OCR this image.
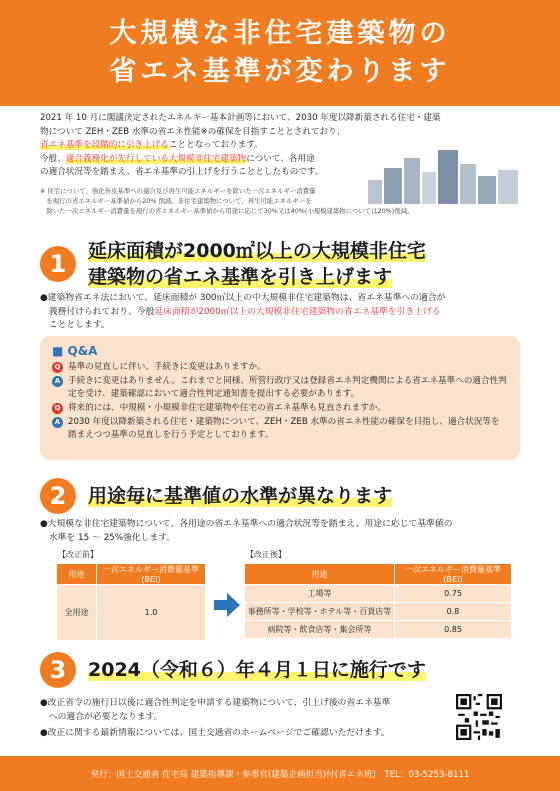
大規模な非住宅建築物の
省エネ基準が変わります

2021 年 10 月に閣議決定されたエネルギー基本計画等において、2030 年度以降新築される住宅・建築

物について ZEH・ZEB 水準の省エネ性能※の確保を目指すこととされており、

省エネ基準を段階的に引き上げることとなっております。

今般、適合義務化が先行している大規模非住宅建築物について、各用途

の適合状況等を踏まえ、省エネ基準の引上げを行うこととしたものです。

※ 住宅について、強化外皮基準への適合及び再生可能エネルギーを除いた一次エネルギー消費量
　を現行の省エネルギー基準値から20% 削減。非住宅建築物について、再生可能エネルギーを
　除いた一次エネルギー消費量を現行の省エネルギー基準値から用途に応じて30%又は40%(小規模建築物については20%)削減。
1	延床面積が2000㎡以上の大規模非住宅
建築物の省エネ基準を引き上げます
●建築物省エネ法において、延床面積が 300㎡以上の中大規模非住宅建築物は、省エネ基準への適合が
　義務付けられており、今般延床面積が2000㎡以上の大規模非住宅建築物の省エネ基準を引き上げる
　こととします。
■ Q&A
Q 基準の見直しに伴い、手続きに変更はありますか。
A 手続きに変更はありません。これまでと同様、所管行政庁又は登録省エネ判定機関による省エネ基準への適合性判定を受け、建築確認において適合性判定通知書を提出する必要があります。
Q 将来的には、中規模・小規模非住宅建築物や住宅の省エネ基準も見直されますか。
A 2030 年度以降新築される住宅・建築物について、ZEH・ZEB 水準の省エネ性能の確保を目指し、適合状況等を踏まえつつ基準の見直しを行う予定としております。
2	用途毎に基準値の水準が異なります
●大規模な非住宅建築物について、各用途の省エネ基準への適合状況等を踏まえ、用途に応じて基準値の
　水準を 15 ～ 25%強化します。
【改正前】
用途	一次エネルギー消費量基準 (BEI)
全用途	1.0
【改正後】
用途	一次エネルギー消費量基準 (BEI)
工場等	0.75
事務所等・学校等・ホテル等・百貨店等	0.8
病院等・飲食店等・集会所等	0.85
3	2024（令和６）年４月１日に施行です
●改正省令の施行日以後に適合性判定を申請する建築物について、引上げ後の省エネ基準
　への適合が必要となります。
●改正に関する最新情報については、国土交通省のホームページでご確認いただけます。
発行：国土交通省 住宅局 建築指導課・参事官(建築企画担当)付(省エネ班)　TEL：03-5253-8111
